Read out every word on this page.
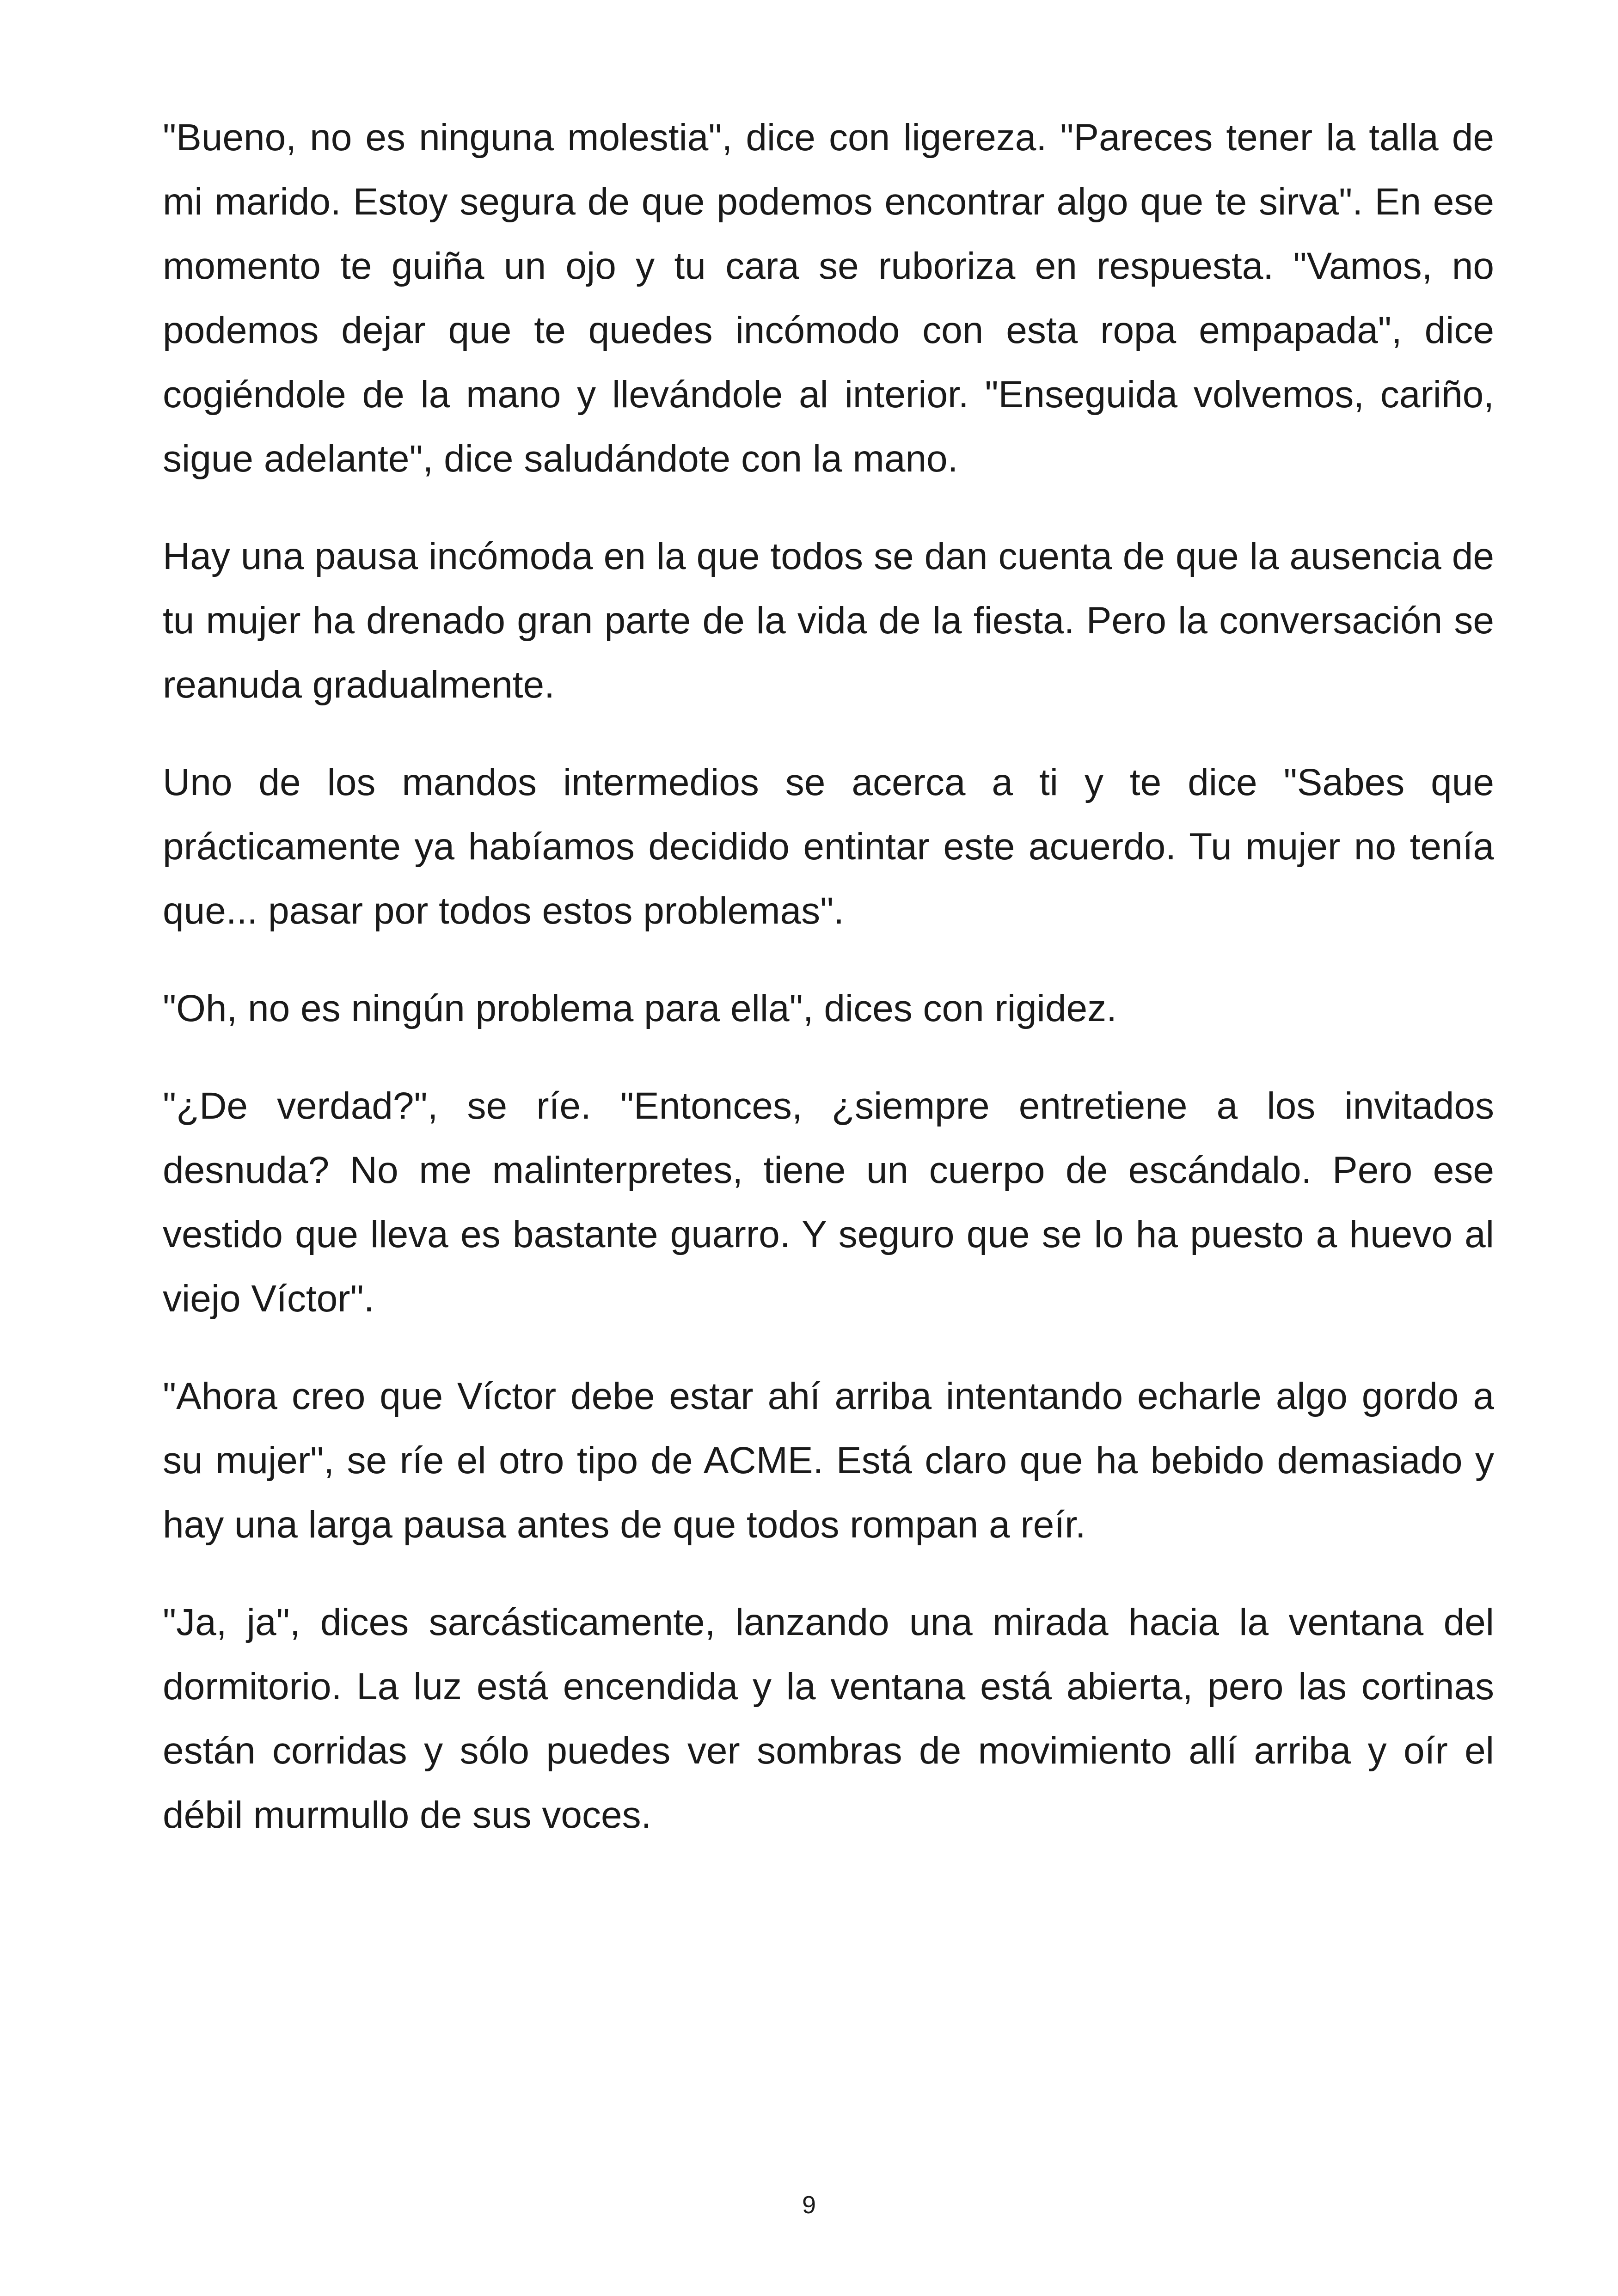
"Bueno, no es ninguna molestia", dice con ligereza. "Pareces tener la talla de mi marido. Estoy segura de que podemos encontrar algo que te sirva". En ese momento te guiña un ojo y tu cara se ruboriza en respuesta. "Vamos, no podemos dejar que te quedes incómodo con esta ropa empapada", dice cogiéndole de la mano y llevándole al interior. "Enseguida volvemos, cariño, sigue adelante", dice saludándote con la mano.

Hay una pausa incómoda en la que todos se dan cuenta de que la ausencia de tu mujer ha drenado gran parte de la vida de la fiesta. Pero la conversación se reanuda gradualmente.

Uno de los mandos intermedios se acerca a ti y te dice "Sabes que prácticamente ya habíamos decidido entintar este acuerdo. Tu mujer no tenía que... pasar por todos estos problemas".

"Oh, no es ningún problema para ella", dices con rigidez.

"¿De verdad?", se ríe. "Entonces, ¿siempre entretiene a los invitados desnuda? No me malinterpretes, tiene un cuerpo de escándalo. Pero ese vestido que lleva es bastante guarro. Y seguro que se lo ha puesto a huevo al viejo Víctor".

"Ahora creo que Víctor debe estar ahí arriba intentando echarle algo gordo a su mujer", se ríe el otro tipo de ACME. Está claro que ha bebido demasiado y hay una larga pausa antes de que todos rompan a reír.

"Ja, ja", dices sarcásticamente, lanzando una mirada hacia la ventana del dormitorio. La luz está encendida y la ventana está abierta, pero las cortinas están corridas y sólo puedes ver sombras de movimiento allí arriba y oír el débil murmullo de sus voces.

9
